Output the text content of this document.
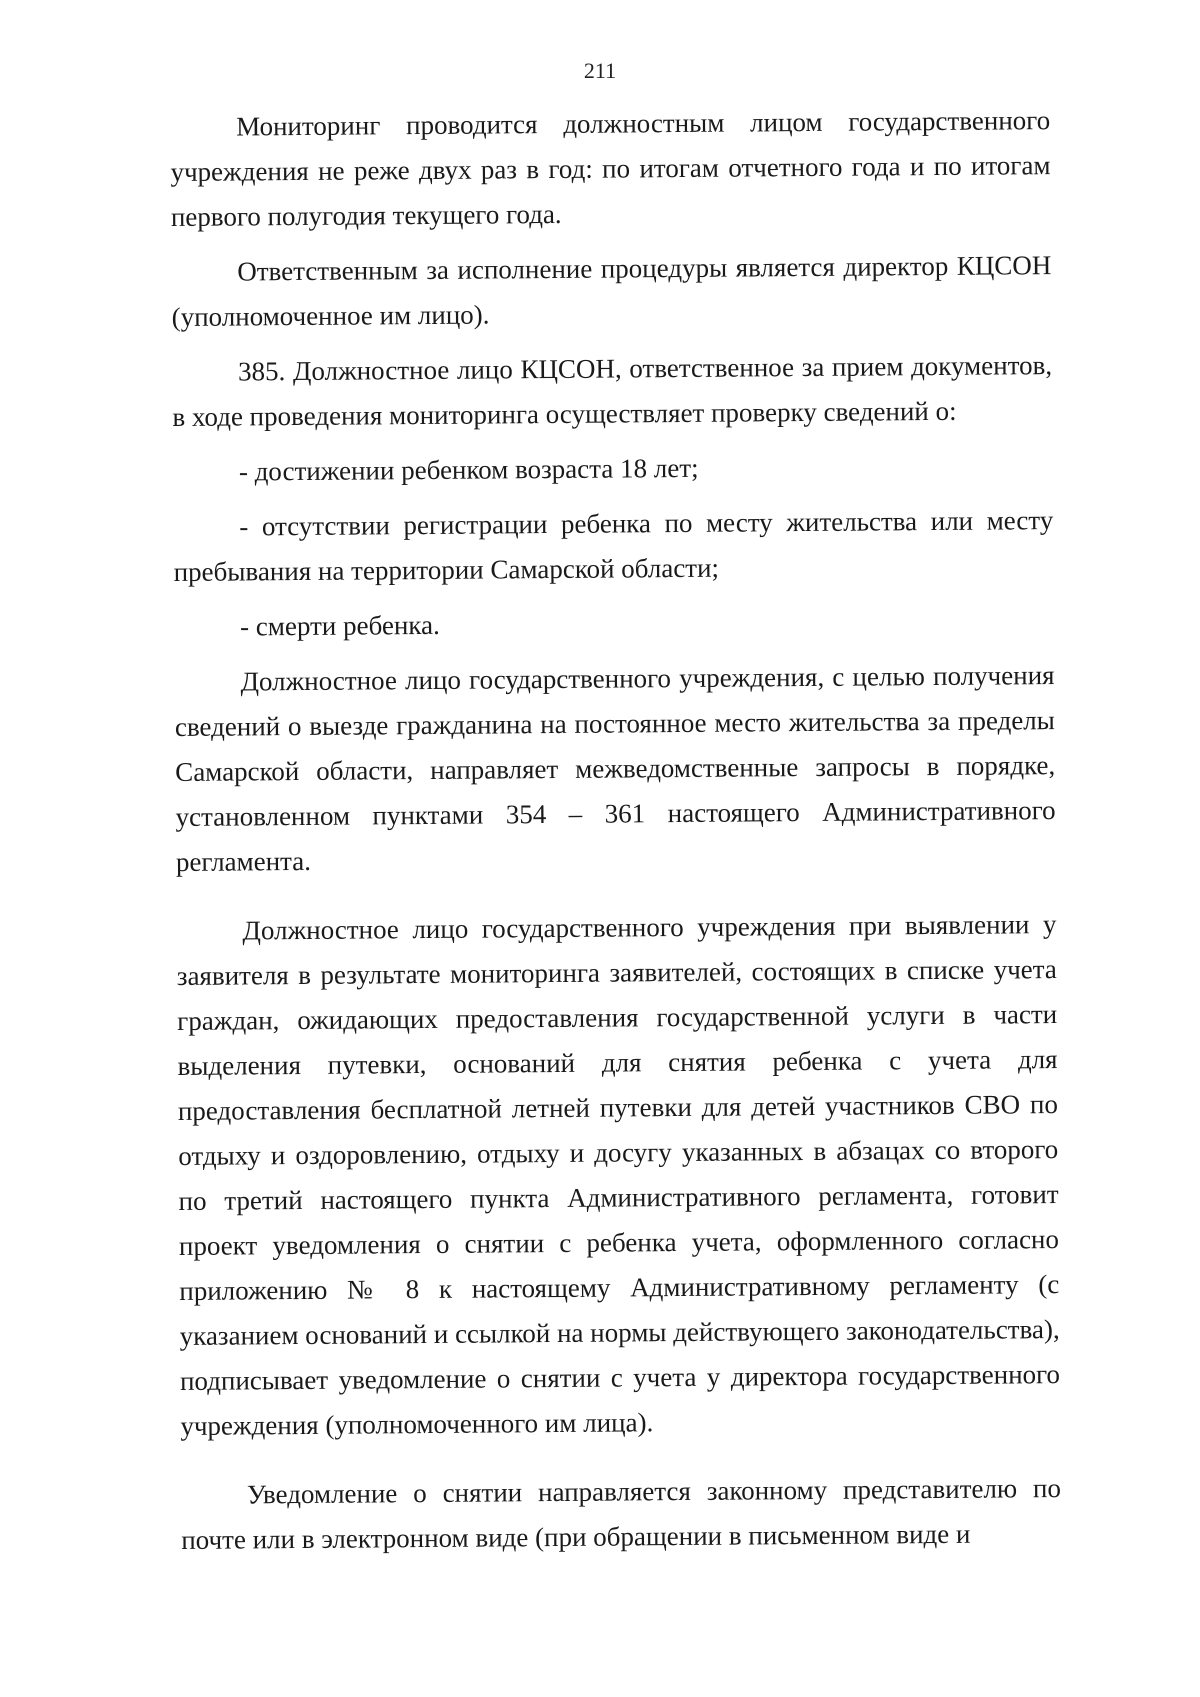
211

Мониторинг проводится должностным лицом государственного учреждения не реже двух раз в год: по итогам отчетного года и по итогам первого полугодия текущего года.

Ответственным за исполнение процедуры является директор КЦСОН (уполномоченное им лицо).

385. Должностное лицо КЦСОН, ответственное за прием документов, в ходе проведения мониторинга осуществляет проверку сведений о:

- достижении ребенком возраста 18 лет;

- отсутствии регистрации ребенка по месту жительства или месту пребывания на территории Самарской области;

- смерти ребенка.

Должностное лицо государственного учреждения, с целью получения сведений о выезде гражданина на постоянное место жительства за пределы Самарской области, направляет межведомственные запросы в порядке, установленном пунктами 354 – 361 настоящего Административного регламента.

Должностное лицо государственного учреждения при выявлении у заявителя в результате мониторинга заявителей, состоящих в списке учета граждан, ожидающих предоставления государственной услуги в части выделения путевки, оснований для снятия ребенка с учета для предоставления бесплатной летней путевки для детей участников СВО по отдыху и оздоровлению, отдыху и досугу указанных в абзацах со второго по третий настоящего пункта Административного регламента, готовит проект уведомления о снятии с ребенка учета, оформленного согласно приложению № 8 к настоящему Административному регламенту (с указанием оснований и ссылкой на нормы действующего законодательства), подписывает уведомление о снятии с учета у директора государственного учреждения (уполномоченного им лица).

Уведомление о снятии направляется законному представителю по почте или в электронном виде (при обращении в письменном виде и
